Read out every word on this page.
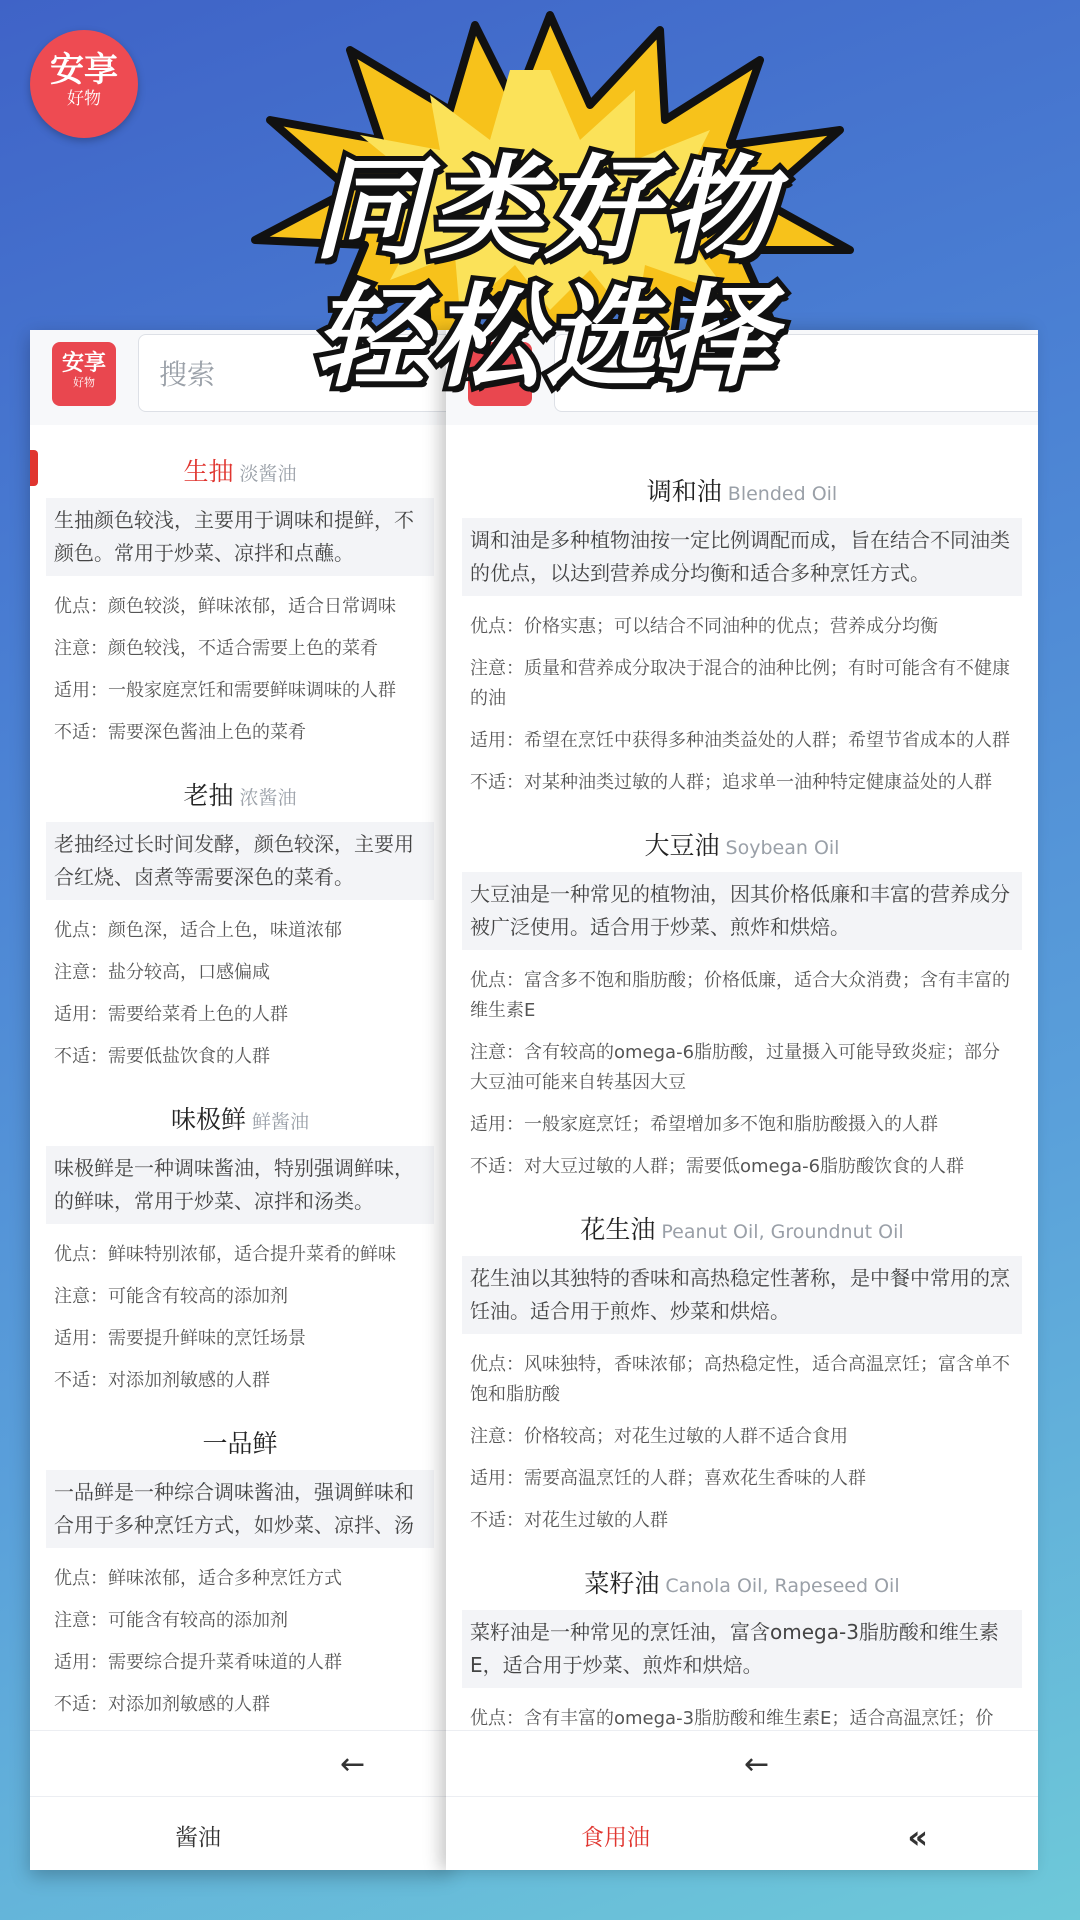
安享
好物
同类好物
安享
好物	搜索
生抽 淡酱油
生抽颜色较浅，主要用于调味和提鲜，不
颜色。常用于炒菜、凉拌和点蘸。
优点：颜色较淡，鲜味浓郁，适合日常调味
注意：颜色较浅，不适合需要上色的菜肴
适用：一般家庭烹饪和需要鲜味调味的人群
不适：需要深色酱油上色的菜肴
老抽 浓酱油
老抽经过长时间发酵，颜色较深，主要用
合红烧、卤煮等需要深色的菜肴。
优点：颜色深，适合上色，味道浓郁
注意：盐分较高，口感偏咸
适用：需要给菜肴上色的人群
不适：需要低盐饮食的人群
味极鲜 鲜酱油
味极鲜是一种调味酱油，特别强调鲜味，
的鲜味，常用于炒菜、凉拌和汤类。
优点：鲜味特别浓郁，适合提升菜肴的鲜味
注意：可能含有较高的添加剂
适用：需要提升鲜味的烹饪场景
不适：对添加剂敏感的人群
一品鲜
一品鲜是一种综合调味酱油，强调鲜味和
合用于多种烹饪方式，如炒菜、凉拌、汤
优点：鲜味浓郁，适合多种烹饪方式
注意：可能含有较高的添加剂
适用：需要综合提升菜肴味道的人群
不适：对添加剂敏感的人群
←
酱油
调和油 Blended Oil
调和油是多种植物油按一定比例调配而成，旨在结合不同油类的优点，以达到营养成分均衡和适合多种烹饪方式。
优点：价格实惠；可以结合不同油种的优点；营养成分均衡
注意：质量和营养成分取决于混合的油种比例；有时可能含有不健康的油
适用：希望在烹饪中获得多种油类益处的人群；希望节省成本的人群
不适：对某种油类过敏的人群；追求单一油种特定健康益处的人群
大豆油 Soybean Oil
大豆油是一种常见的植物油，因其价格低廉和丰富的营养成分被广泛使用。适合用于炒菜、煎炸和烘焙。
优点：富含多不饱和脂肪酸；价格低廉，适合大众消费；含有丰富的维生素E
注意：含有较高的omega-6脂肪酸，过量摄入可能导致炎症；部分大豆油可能来自转基因大豆
适用：一般家庭烹饪；希望增加多不饱和脂肪酸摄入的人群
不适：对大豆过敏的人群；需要低omega-6脂肪酸饮食的人群
花生油 Peanut Oil, Groundnut Oil
花生油以其独特的香味和高热稳定性著称，是中餐中常用的烹饪油。适合用于煎炸、炒菜和烘焙。
优点：风味独特，香味浓郁；高热稳定性，适合高温烹饪；富含单不饱和脂肪酸
注意：价格较高；对花生过敏的人群不适合食用
适用：需要高温烹饪的人群；喜欢花生香味的人群
不适：对花生过敏的人群
菜籽油 Canola Oil, Rapeseed Oil
菜籽油是一种常见的烹饪油，富含omega-3脂肪酸和维生素E，适合用于炒菜、煎炸和烘焙。
优点：含有丰富的omega-3脂肪酸和维生素E；适合高温烹饪；价
←
食用油	«
轻松选择
